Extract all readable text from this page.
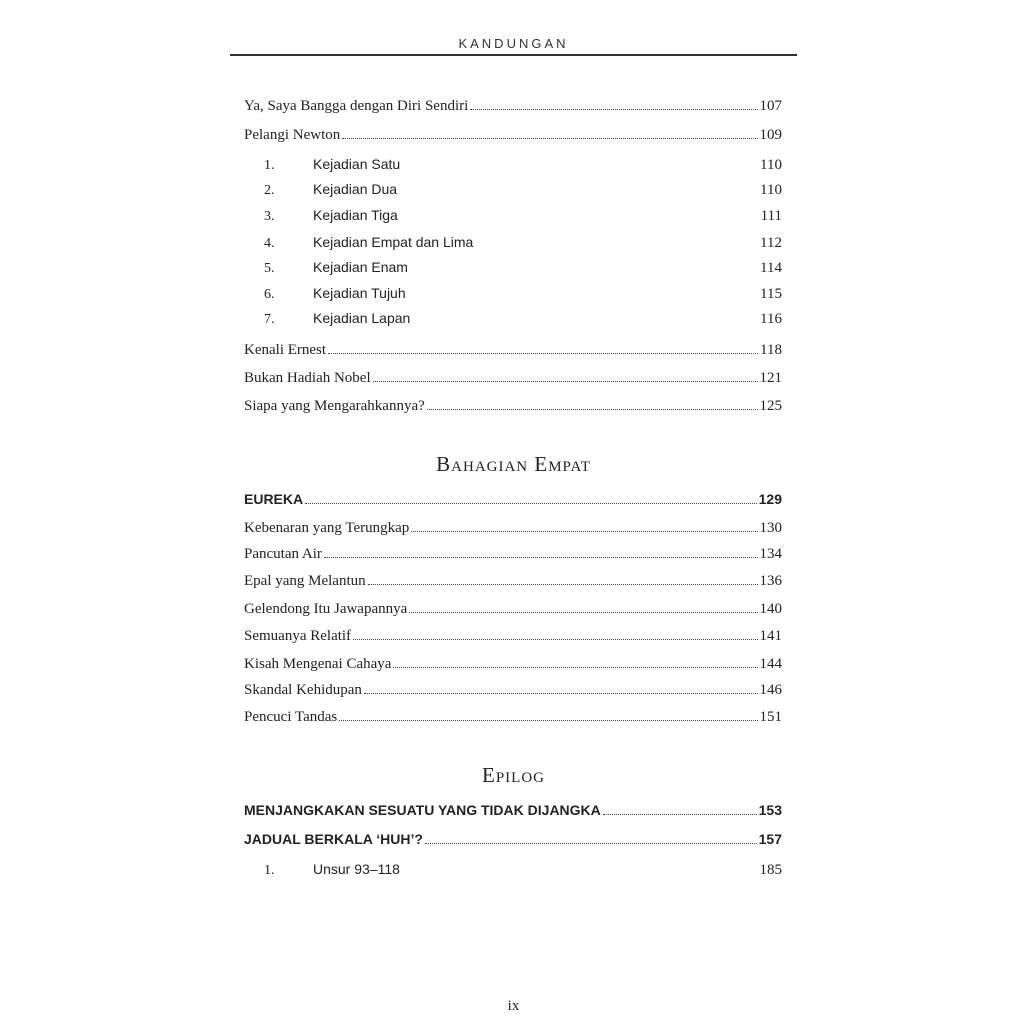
KANDUNGAN
Ya, Saya Bangga dengan Diri Sendiri	107
Pelangi Newton	109
1.	Kejadian Satu	110
2.	Kejadian Dua	110
3.	Kejadian Tiga	111
4.	Kejadian Empat dan Lima	112
5.	Kejadian Enam	114
6.	Kejadian Tujuh	115
7.	Kejadian Lapan	116
Kenali Ernest	118
Bukan Hadiah Nobel	121
Siapa yang Mengarahkannya?	125
Bahagian Empat
EUREKA	129
Kebenaran yang Terungkap	130
Pancutan Air	134
Epal yang Melantun	136
Gelendong Itu Jawapannya	140
Semuanya Relatif	141
Kisah Mengenai Cahaya	144
Skandal Kehidupan	146
Pencuci Tandas	151
Epilog
MENJANGKAKAN SESUATU YANG TIDAK DIJANGKA	153
JADUAL BERKALA ‘HUH’?	157
1.	Unsur 93–118	185
ix
